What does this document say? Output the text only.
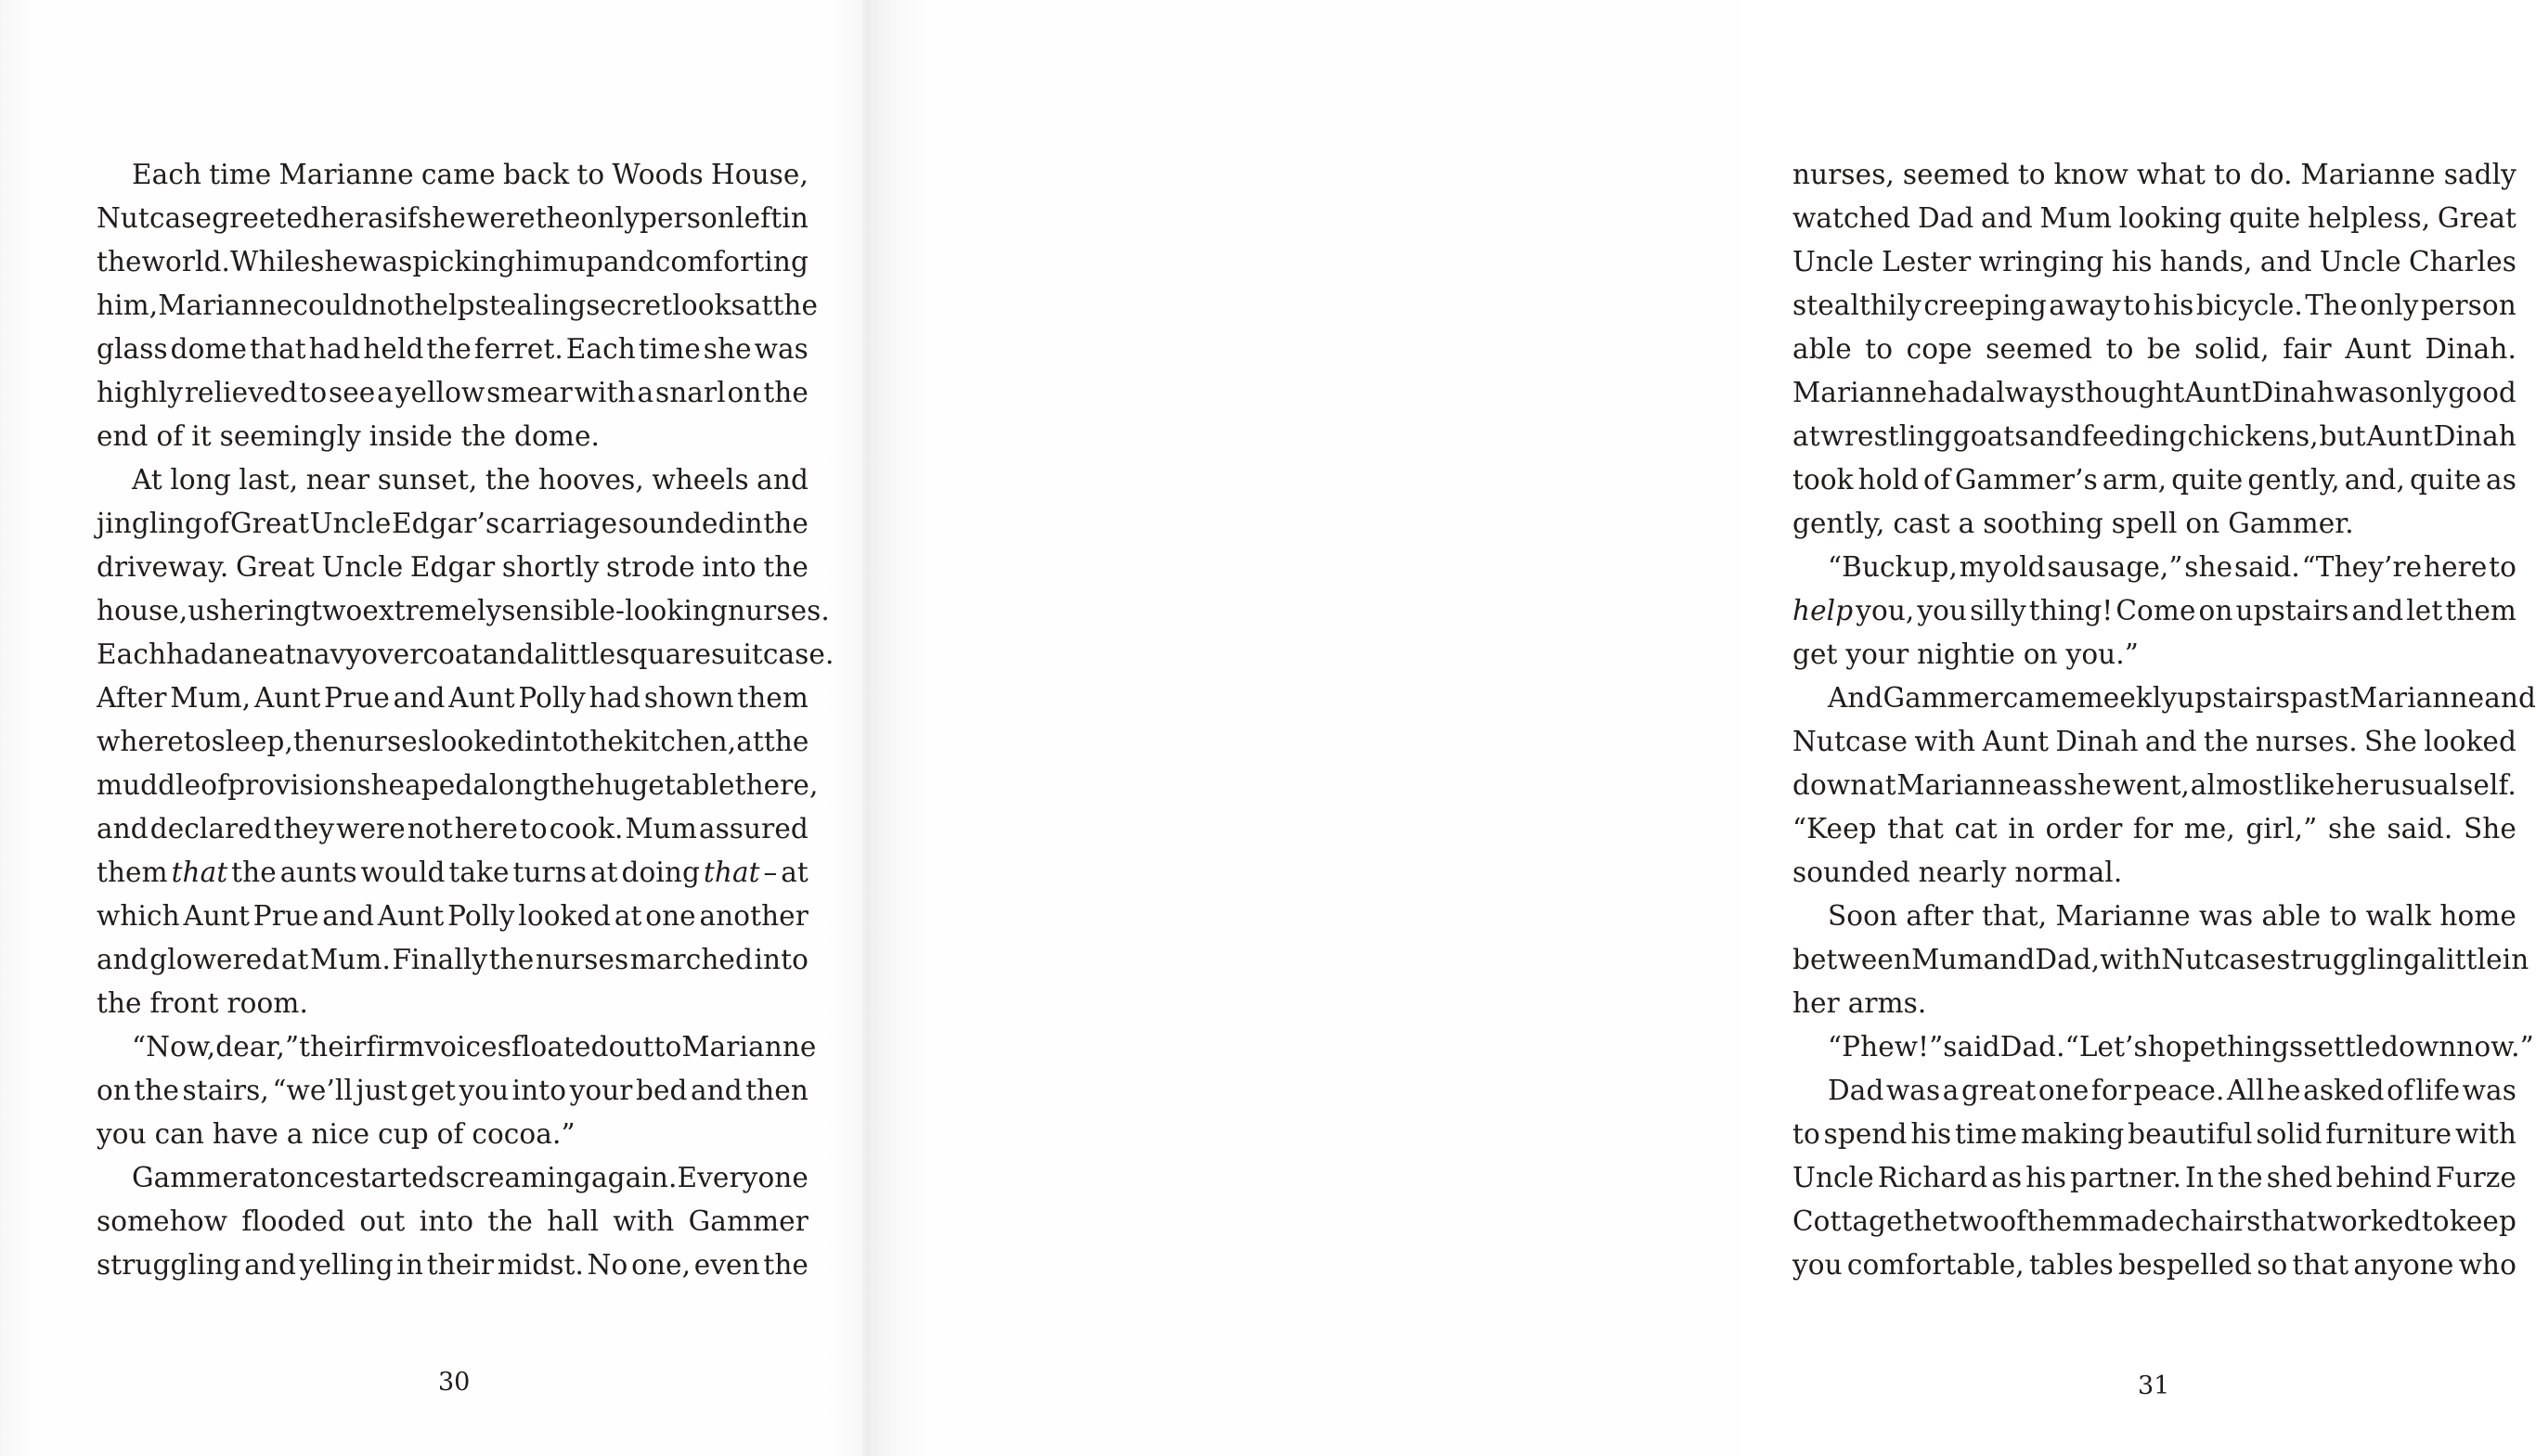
Each time Marianne came back to Woods House,
Nutcase greeted her as if she were the only person left in
the world. While she was picking him up and comforting
him, Marianne could not help stealing secret looks at the
glass dome that had held the ferret. Each time she was
highly relieved to see a yellow smear with a snarl on the
end of it seemingly inside the dome.
At long last, near sunset, the hooves, wheels and
jingling of Great Uncle Edgar’s carriage sounded in the
driveway. Great Uncle Edgar shortly strode into the
house, ushering two extremely sensible-looking nurses.
Each had a neat navy overcoat and a little square suitcase.
After Mum, Aunt Prue and Aunt Polly had shown them
where to sleep, the nurses looked into the kitchen, at the
muddle of provisions heaped along the huge table there,
and declared they were not here to cook. Mum assured
them that the aunts would take turns at doing that – at
which Aunt Prue and Aunt Polly looked at one another
and glowered at Mum. Finally the nurses marched into
the front room.
“Now, dear,” their firm voices floated out to Marianne
on the stairs, “we’ll just get you into your bed and then
you can have a nice cup of cocoa.”
Gammer at once started screaming again. Everyone
somehow flooded out into the hall with Gammer
struggling and yelling in their midst. No one, even the
30
nurses, seemed to know what to do. Marianne sadly
watched Dad and Mum looking quite helpless, Great
Uncle Lester wringing his hands, and Uncle Charles
stealthily creeping away to his bicycle. The only person
able to cope seemed to be solid, fair Aunt Dinah.
Marianne had always thought Aunt Dinah was only good
at wrestling goats and feeding chickens, but Aunt Dinah
took hold of Gammer’s arm, quite gently, and, quite as
gently, cast a soothing spell on Gammer.
“Buck up, my old sausage,” she said. “They’re here to
help you, you silly thing! Come on upstairs and let them
get your nightie on you.”
And Gammer came meekly upstairs past Marianne and
Nutcase with Aunt Dinah and the nurses. She looked
down at Marianne as she went, almost like her usual self.
“Keep that cat in order for me, girl,” she said. She
sounded nearly normal.
Soon after that, Marianne was able to walk home
between Mum and Dad, with Nutcase struggling a little in
her arms.
“Phew!” said Dad. “Let’s hope things settle down now.”
Dad was a great one for peace. All he asked of life was
to spend his time making beautiful solid furniture with
Uncle Richard as his partner. In the shed behind Furze
Cottage the two of them made chairs that worked to keep
you comfortable, tables bespelled so that anyone who
31
